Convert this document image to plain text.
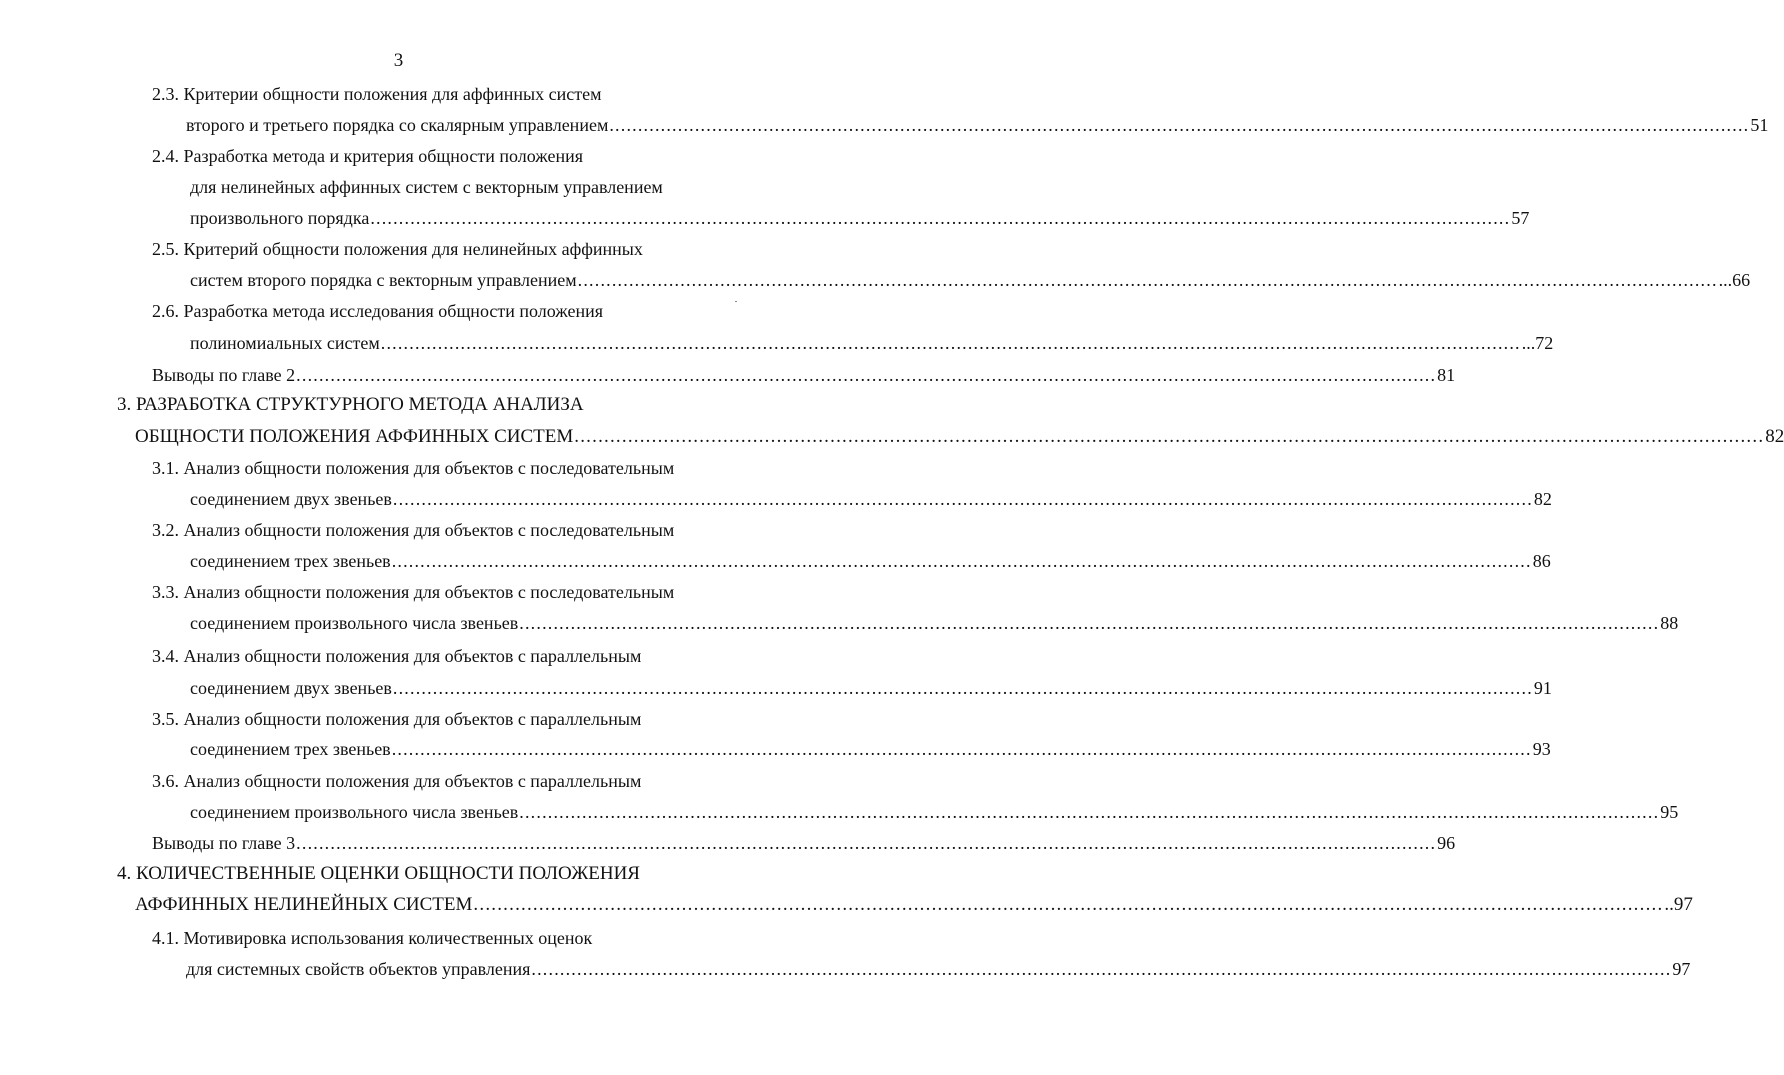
3
2.3. Критерии общности положения для аффинных систем
второго и третьего порядка со скалярным управлением ........................................................................................................................................................................................................ 51
2.4. Разработка метода и критерия общности положения
для нелинейных аффинных систем с векторным управлением
произвольного порядка ........................................................................................................................................................................................................ 57
2.5. Критерий общности положения для нелинейных аффинных
систем второго порядка с векторным управлением ........................................................................................................................................................................................................ ...66
2.6. Разработка метода исследования общности положения
полиномиальных систем ........................................................................................................................................................................................................ ...72
Выводы по главе 2 ........................................................................................................................................................................................................ 81
3. РАЗРАБОТКА СТРУКТУРНОГО МЕТОДА АНАЛИЗА
ОБЩНОСТИ ПОЛОЖЕНИЯ АФФИННЫХ СИСТЕМ ........................................................................................................................................................................................................ 82
3.1. Анализ общности положения для объектов с последовательным
соединением двух звеньев ........................................................................................................................................................................................................ 82
3.2. Анализ общности положения для объектов с последовательным
соединением трех звеньев ........................................................................................................................................................................................................ 86
3.3. Анализ общности положения для объектов с последовательным
соединением произвольного числа звеньев ........................................................................................................................................................................................................ 88
3.4. Анализ общности положения для объектов с параллельным
соединением двух звеньев ........................................................................................................................................................................................................ 91
3.5. Анализ общности положения для объектов с параллельным
соединением трех звеньев ........................................................................................................................................................................................................ 93
3.6. Анализ общности положения для объектов с параллельным
соединением произвольного числа звеньев ........................................................................................................................................................................................................ 95
Выводы по главе 3 ........................................................................................................................................................................................................ 96
4. КОЛИЧЕСТВЕННЫЕ ОЦЕНКИ ОБЩНОСТИ ПОЛОЖЕНИЯ
АФФИННЫХ НЕЛИНЕЙНЫХ СИСТЕМ ........................................................................................................................................................................................................ ..97
4.1. Мотивировка использования количественных оценок
для системных свойств объектов управления ........................................................................................................................................................................................................ 97
